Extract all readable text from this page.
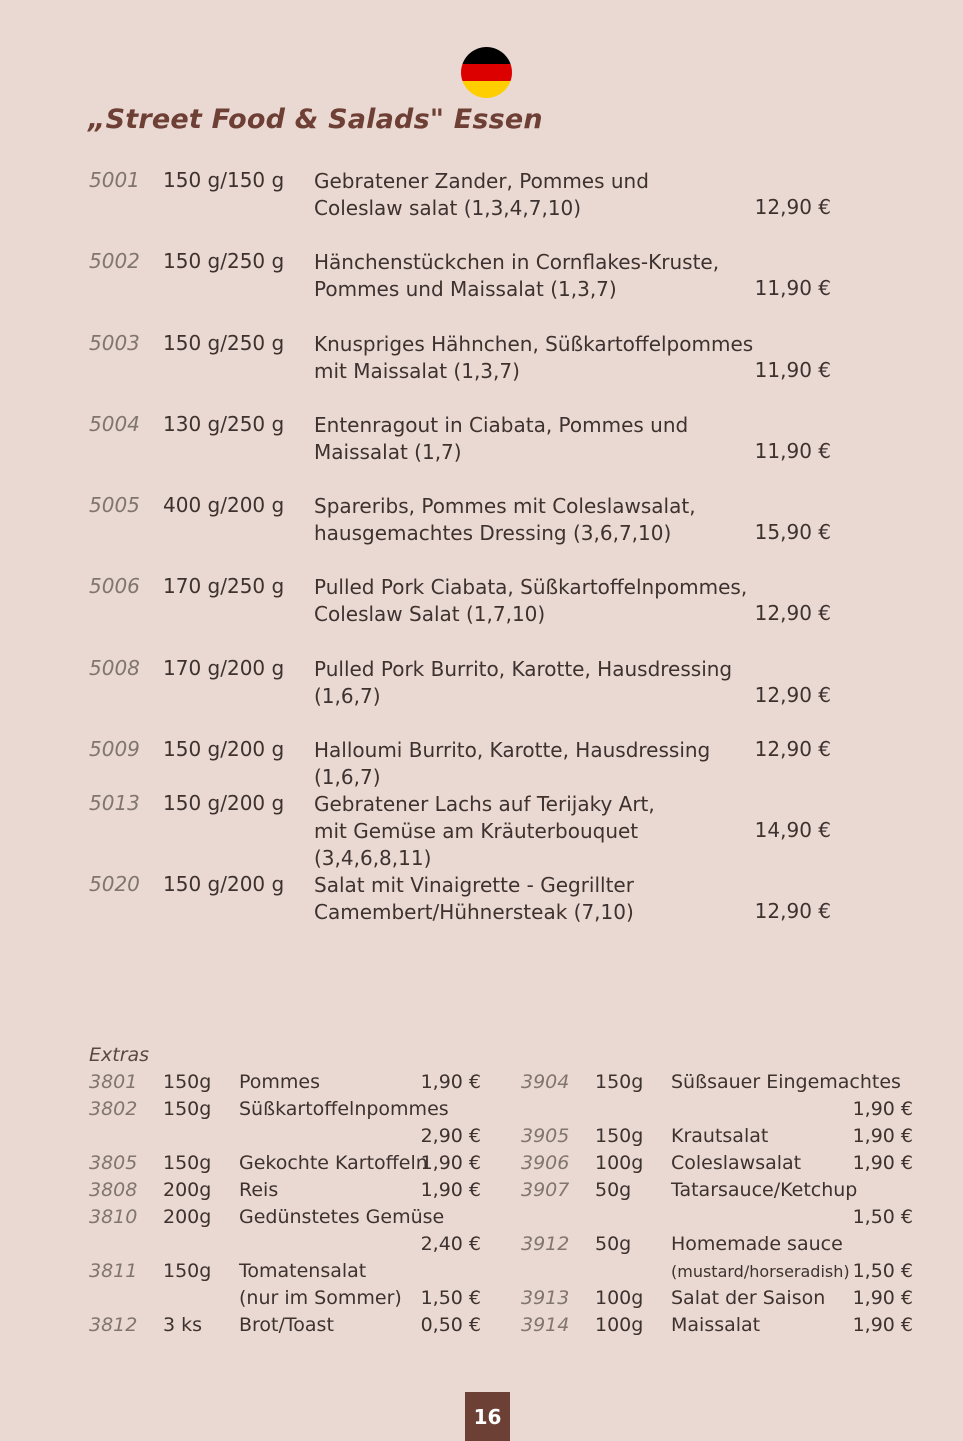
„Street Food & Salads" Essen
5001 150 g/150 g Gebratener Zander, Pommes und
Coleslaw salat (1,3,4,7,10)	12,90 €
5002 150 g/250 g Hänchenstückchen in Cornflakes-Kruste,
Pommes und Maissalat (1,3,7)	11,90 €
5003 150 g/250 g Knuspriges Hähnchen, Süßkartoffelpommes
mit Maissalat (1,3,7)	11,90 €
5004 130 g/250 g Entenragout in Ciabata, Pommes und
Maissalat (1,7)	11,90 €
5005 400 g/200 g Spareribs, Pommes mit Coleslawsalat,
hausgemachtes Dressing (3,6,7,10)	15,90 €
5006 170 g/250 g Pulled Pork Ciabata, Süßkartoffelnpommes,
Coleslaw Salat (1,7,10)	12,90 €
5008 170 g/200 g Pulled Pork Burrito, Karotte, Hausdressing
(1,6,7)	12,90 €
5009 150 g/200 g Halloumi Burrito, Karotte, Hausdressing (1,6,7)
12,90 €
5013 150 g/200 g Gebratener Lachs auf Terijaky Art,
mit Gemüse am Kräuterbouquet (3,4,6,8,11)
14,90 €
5020 150 g/200 g Salat mit Vinaigrette - Gegrillter
Camembert/Hühnersteak (7,10)	12,90 €
Extras
3801 150g Pommes	1,90 €
3802 150g Süßkartoffelnpommes
2,90 €
3805 150g Gekochte Kartoffeln
1,90 €
3808 200g Reis	1,90 €
3810 200g Gedünstetes Gemüse
2,40 €
3811 150g Tomatensalat
(nur im Sommer) 1,50 €
3812 3 ks Brot/Toast	0,50 €
3904 150g Süßsauer Eingemachtes
1,90 €
3905 150g Krautsalat	1,90 €
3906 100g Coleslawsalat	1,90 €
3907 50g Tatarsauce/Ketchup
1,50 €
3912 50g Homemade sauce
(mustard/horseradish) 1,50 €
3913 100g Salat der Saison 1,90 €
3914 100g Maissalat	1,90 €
16
